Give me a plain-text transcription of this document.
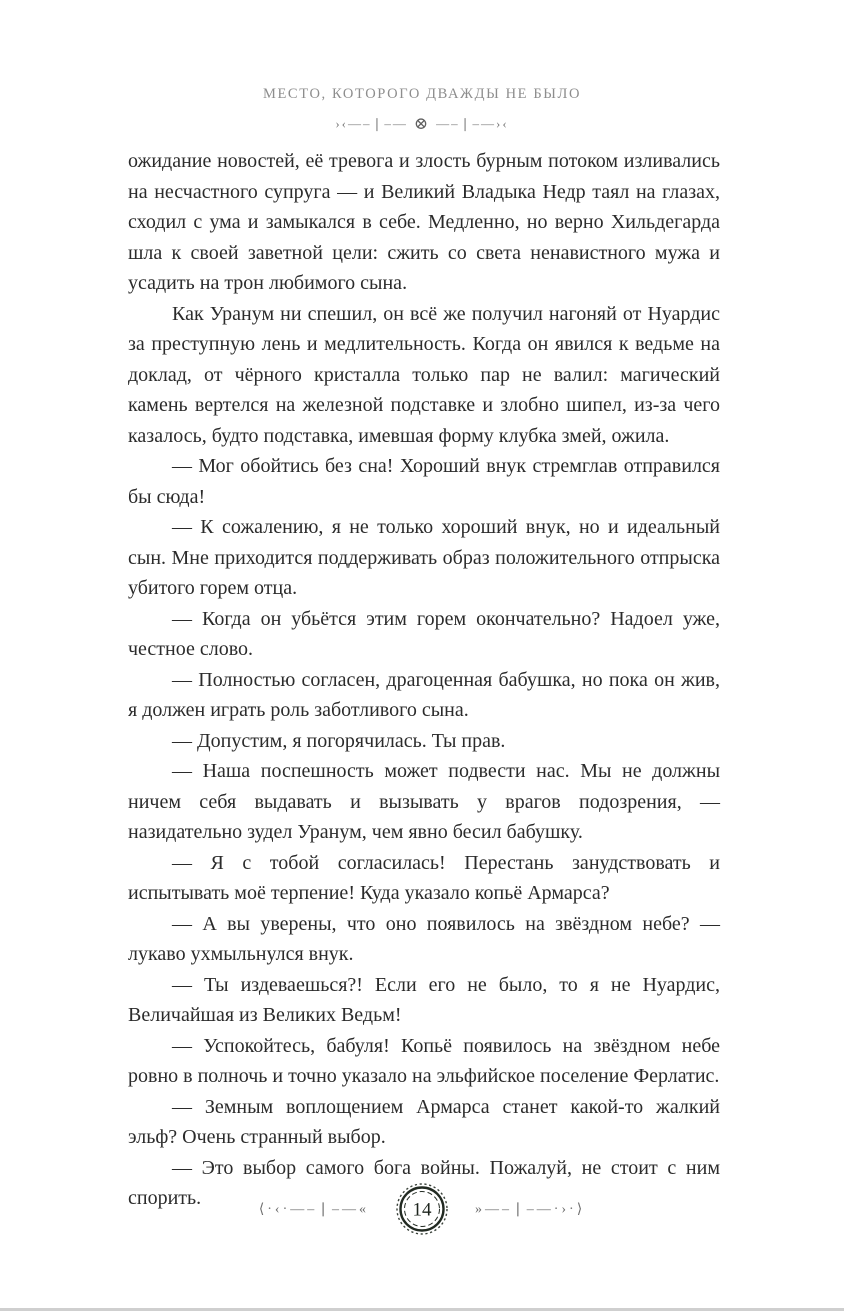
МЕСТО, КОТОРОГО ДВАЖДЫ НЕ БЫЛО
›‹—–❘–— ⊗ —–❘–—›‹

ожидание новостей, её тревога и злость бурным потоком изливались на несчастного супруга — и Великий Владыка Недр таял на глазах, сходил с ума и замыкался в себе. Медленно, но верно Хильдегарда шла к своей заветной цели: сжить со света ненавистного мужа и усадить на трон любимого сына.

Как Уранум ни спешил, он всё же получил нагоняй от Нуардис за преступную лень и медлительность. Когда он явился к ведьме на доклад, от чёрного кристалла только пар не валил: магический камень вертелся на железной подставке и злобно шипел, из-за чего казалось, будто подставка, имевшая форму клубка змей, ожила.

— Мог обойтись без сна! Хороший внук стремглав отправился бы сюда!

— К сожалению, я не только хороший внук, но и идеальный сын. Мне приходится поддерживать образ положительного отпрыска убитого горем отца.

— Когда он убьётся этим горем окончательно? Надоел уже, честное слово.

— Полностью согласен, драгоценная бабушка, но пока он жив, я должен играть роль заботливого сына.

— Допустим, я погорячилась. Ты прав.

— Наша поспешность может подвести нас. Мы не должны ничем себя выдавать и вызывать у врагов подозрения, — назидательно зудел Уранум, чем явно бесил бабушку.

— Я с тобой согласилась! Перестань занудствовать и испытывать моё терпение! Куда указало копьё Армарса?

— А вы уверены, что оно появилось на звёздном небе? — лукаво ухмыльнулся внук.

— Ты издеваешься?! Если его не было, то я не Нуардис, Величайшая из Великих Ведьм!

— Успокойтесь, бабуля! Копьё появилось на звёздном небе ровно в полночь и точно указало на эльфийское поселение Ферлатис.

— Земным воплощением Армарса станет какой-то жалкий эльф? Очень странный выбор.

— Это выбор самого бога войны. Пожалуй, не стоит с ним спорить.	⟨·‹·—–❘–—« 14	»—–❘–—·›·⟩
